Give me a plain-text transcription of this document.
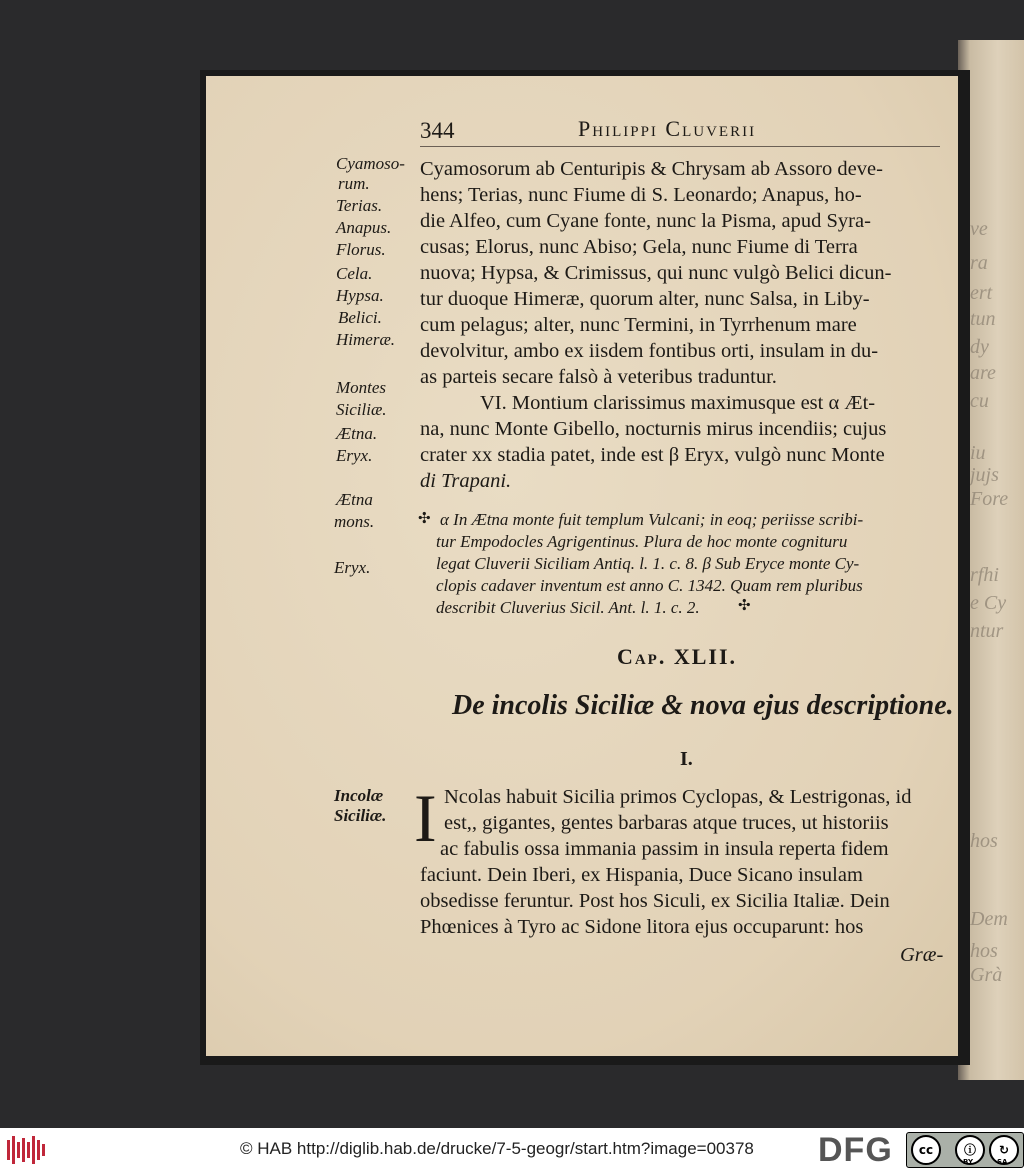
ve
ra
ert
tun
dy
are
cu
iu
jujs
Fore
rfhi
e Cy
ntur
hos
Dem
hos
Grà
344	Philippi Cluverii
Cyamoso-
rum.
Terias.
Anapus.
Florus.
Cela.
Hypsa.
Belici.
Himeræ.
Montes
Siciliæ.
Ætna.
Eryx.
Ætna
mons.
Eryx.
Incolæ
Siciliæ.
Cyamosorum ab Centuripis & Chrysam ab Assoro deve-
hens; Terias, nunc Fiume di S. Leonardo; Anapus, ho-
die Alfeo, cum Cyane fonte, nunc la Pisma, apud Syra-
cusas; Elorus, nunc Abiso; Gela, nunc Fiume di Terra
nuova; Hypsa, & Crimissus, qui nunc vulgò Belici dicun-
tur duoque Himeræ, quorum alter, nunc Salsa, in Liby-
cum pelagus; alter, nunc Termini, in Tyrrhenum mare
devolvitur, ambo ex iisdem fontibus orti, insulam in du-
as parteis secare falsò à veteribus traduntur.
VI. Montium clarissimus maximusque est α Æt-
na, nunc Monte Gibello, nocturnis mirus incendiis; cujus
crater xx stadia patet, inde est β Eryx, vulgò nunc Monte
di Trapani.
✣ α In Ætna monte fuit templum Vulcani; in eoq; periisse scribi-
tur Empodocles Agrigentinus. Plura de hoc monte cognituru
legat Cluverii Siciliam Antiq. l. 1. c. 8. β Sub Eryce monte Cy-
clopis cadaver inventum est anno C. 1342. Quam rem pluribus
describit Cluverius Sicil. Ant. l. 1. c. 2.	✣
Cap. XLII.
De incolis Siciliæ & nova ejus descriptione.
I.
I Ncolas habuit Sicilia primos Cyclopas, & Lestrigonas, id
est,, gigantes, gentes barbaras atque truces, ut historiis
ac fabulis ossa immania passim in insula reperta fidem
faciunt. Dein Iberi, ex Hispania, Duce Sicano insulam
obsedisse feruntur. Post hos Siculi, ex Sicilia Italiæ. Dein
Phœnices à Tyro ac Sidone litora ejus occuparunt: hos
Græ-
© HAB http://diglib.hab.de/drucke/7-5-geogr/start.htm?image=00378 DFG	cc	ⓘ	↻
BY	SA
